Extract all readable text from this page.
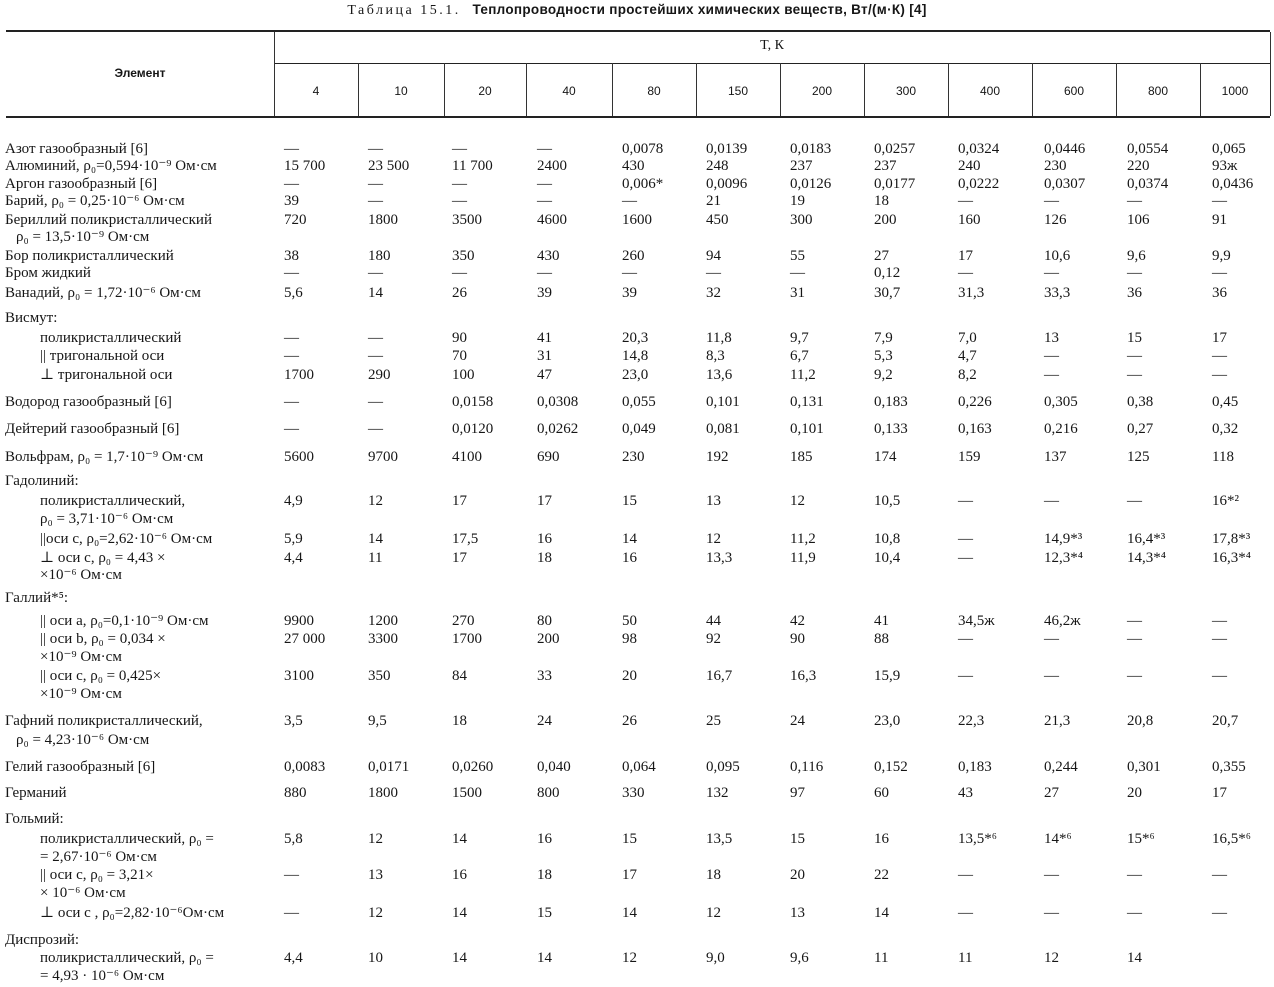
Таблица 15.1. Теплопроводности простейших химических веществ, Вт/(м·К) [4]
Элемент
T, К
4	10	20	40	80	150	200	300	400	600	800	1000
Азот газообразный [6]	—	—	—	—	0,0078	0,0139	0,0183	0,0257	0,0324	0,0446	0,0554	0,065
Алюминий, ρ₀=0,594·10⁻⁹ Ом·см	15 700	23 500	11 700	2400	430	248	237	237	240	230	220	93ж
Аргон газообразный [6]	—	—	—	—	0,006*	0,0096	0,0126	0,0177	0,0222	0,0307	0,0374	0,0436
Барий, ρ₀ = 0,25·10⁻⁶ Ом·см	39	—	—	—	—	21	19	18	—	—	—	—
Бериллий поликристаллический	720	1800	3500	4600	1600	450	300	200	160	126	106	91
ρ₀ = 13,5·10⁻⁹ Ом·см
Бор поликристаллический	38	180	350	430	260	94	55	27	17	10,6	9,6	9,9
Бром жидкий	—	—	—	—	—	—	—	0,12	—	—	—	—
Ванадий, ρ₀ = 1,72·10⁻⁶ Ом·см	5,6	14	26	39	39	32	31	30,7	31,3	33,3	36	36
Висмут:
поликристаллический	—	—	90	41	20,3	11,8	9,7	7,9	7,0	13	15	17
|| тригональной оси	—	—	70	31	14,8	8,3	6,7	5,3	4,7	—	—	—
⊥ тригональной оси	1700	290	100	47	23,0	13,6	11,2	9,2	8,2	—	—	—
Водород газообразный [6]	—	—	0,0158	0,0308	0,055	0,101	0,131	0,183	0,226	0,305	0,38	0,45
Дейтерий газообразный [6]	—	—	0,0120	0,0262	0,049	0,081	0,101	0,133	0,163	0,216	0,27	0,32
Вольфрам, ρ₀ = 1,7·10⁻⁹ Ом·см	5600	9700	4100	690	230	192	185	174	159	137	125	118
Гадолиний:
поликристаллический,	4,9	12	17	17	15	13	12	10,5	—	—	—	16*²
ρ₀ = 3,71·10⁻⁶ Ом·см
||оси c, ρ₀=2,62·10⁻⁶ Ом·см	5,9	14	17,5	16	14	12	11,2	10,8	—	14,9*³	16,4*³	17,8*³
⊥ оси c, ρ₀ = 4,43 ×	4,4	11	17	18	16	13,3	11,9	10,4	—	12,3*⁴	14,3*⁴	16,3*⁴
×10⁻⁶ Ом·см
Галлий*⁵:
|| оси a, ρ₀=0,1·10⁻⁹ Ом·см	9900	1200	270	80	50	44	42	41	34,5ж	46,2ж	—	—
|| оси b, ρ₀ = 0,034 ×	27 000	3300	1700	200	98	92	90	88	—	—	—	—
×10⁻⁹ Ом·см
|| оси c, ρ₀ = 0,425×	3100	350	84	33	20	16,7	16,3	15,9	—	—	—	—
×10⁻⁹ Ом·см
Гафний поликристаллический,	3,5	9,5	18	24	26	25	24	23,0	22,3	21,3	20,8	20,7
ρ₀ = 4,23·10⁻⁶ Ом·см
Гелий газообразный [6]	0,0083	0,0171	0,0260	0,040	0,064	0,095	0,116	0,152	0,183	0,244	0,301	0,355
Германий	880	1800	1500	800	330	132	97	60	43	27	20	17
Гольмий:
поликристаллический, ρ₀ =	5,8	12	14	16	15	13,5	15	16	13,5*⁶	14*⁶	15*⁶	16,5*⁶
= 2,67·10⁻⁶ Ом·см
|| оси c, ρ₀ = 3,21×	—	13	16	18	17	18	20	22	—	—	—	—
× 10⁻⁶ Ом·см
⊥ оси c , ρ₀=2,82·10⁻⁶Ом·см	—	12	14	15	14	12	13	14	—	—	—	—
Диспрозий:
поликристаллический, ρ₀ =	4,4	10	14	14	12	9,0	9,6	11	11	12	14
= 4,93 · 10⁻⁶ Ом·см
